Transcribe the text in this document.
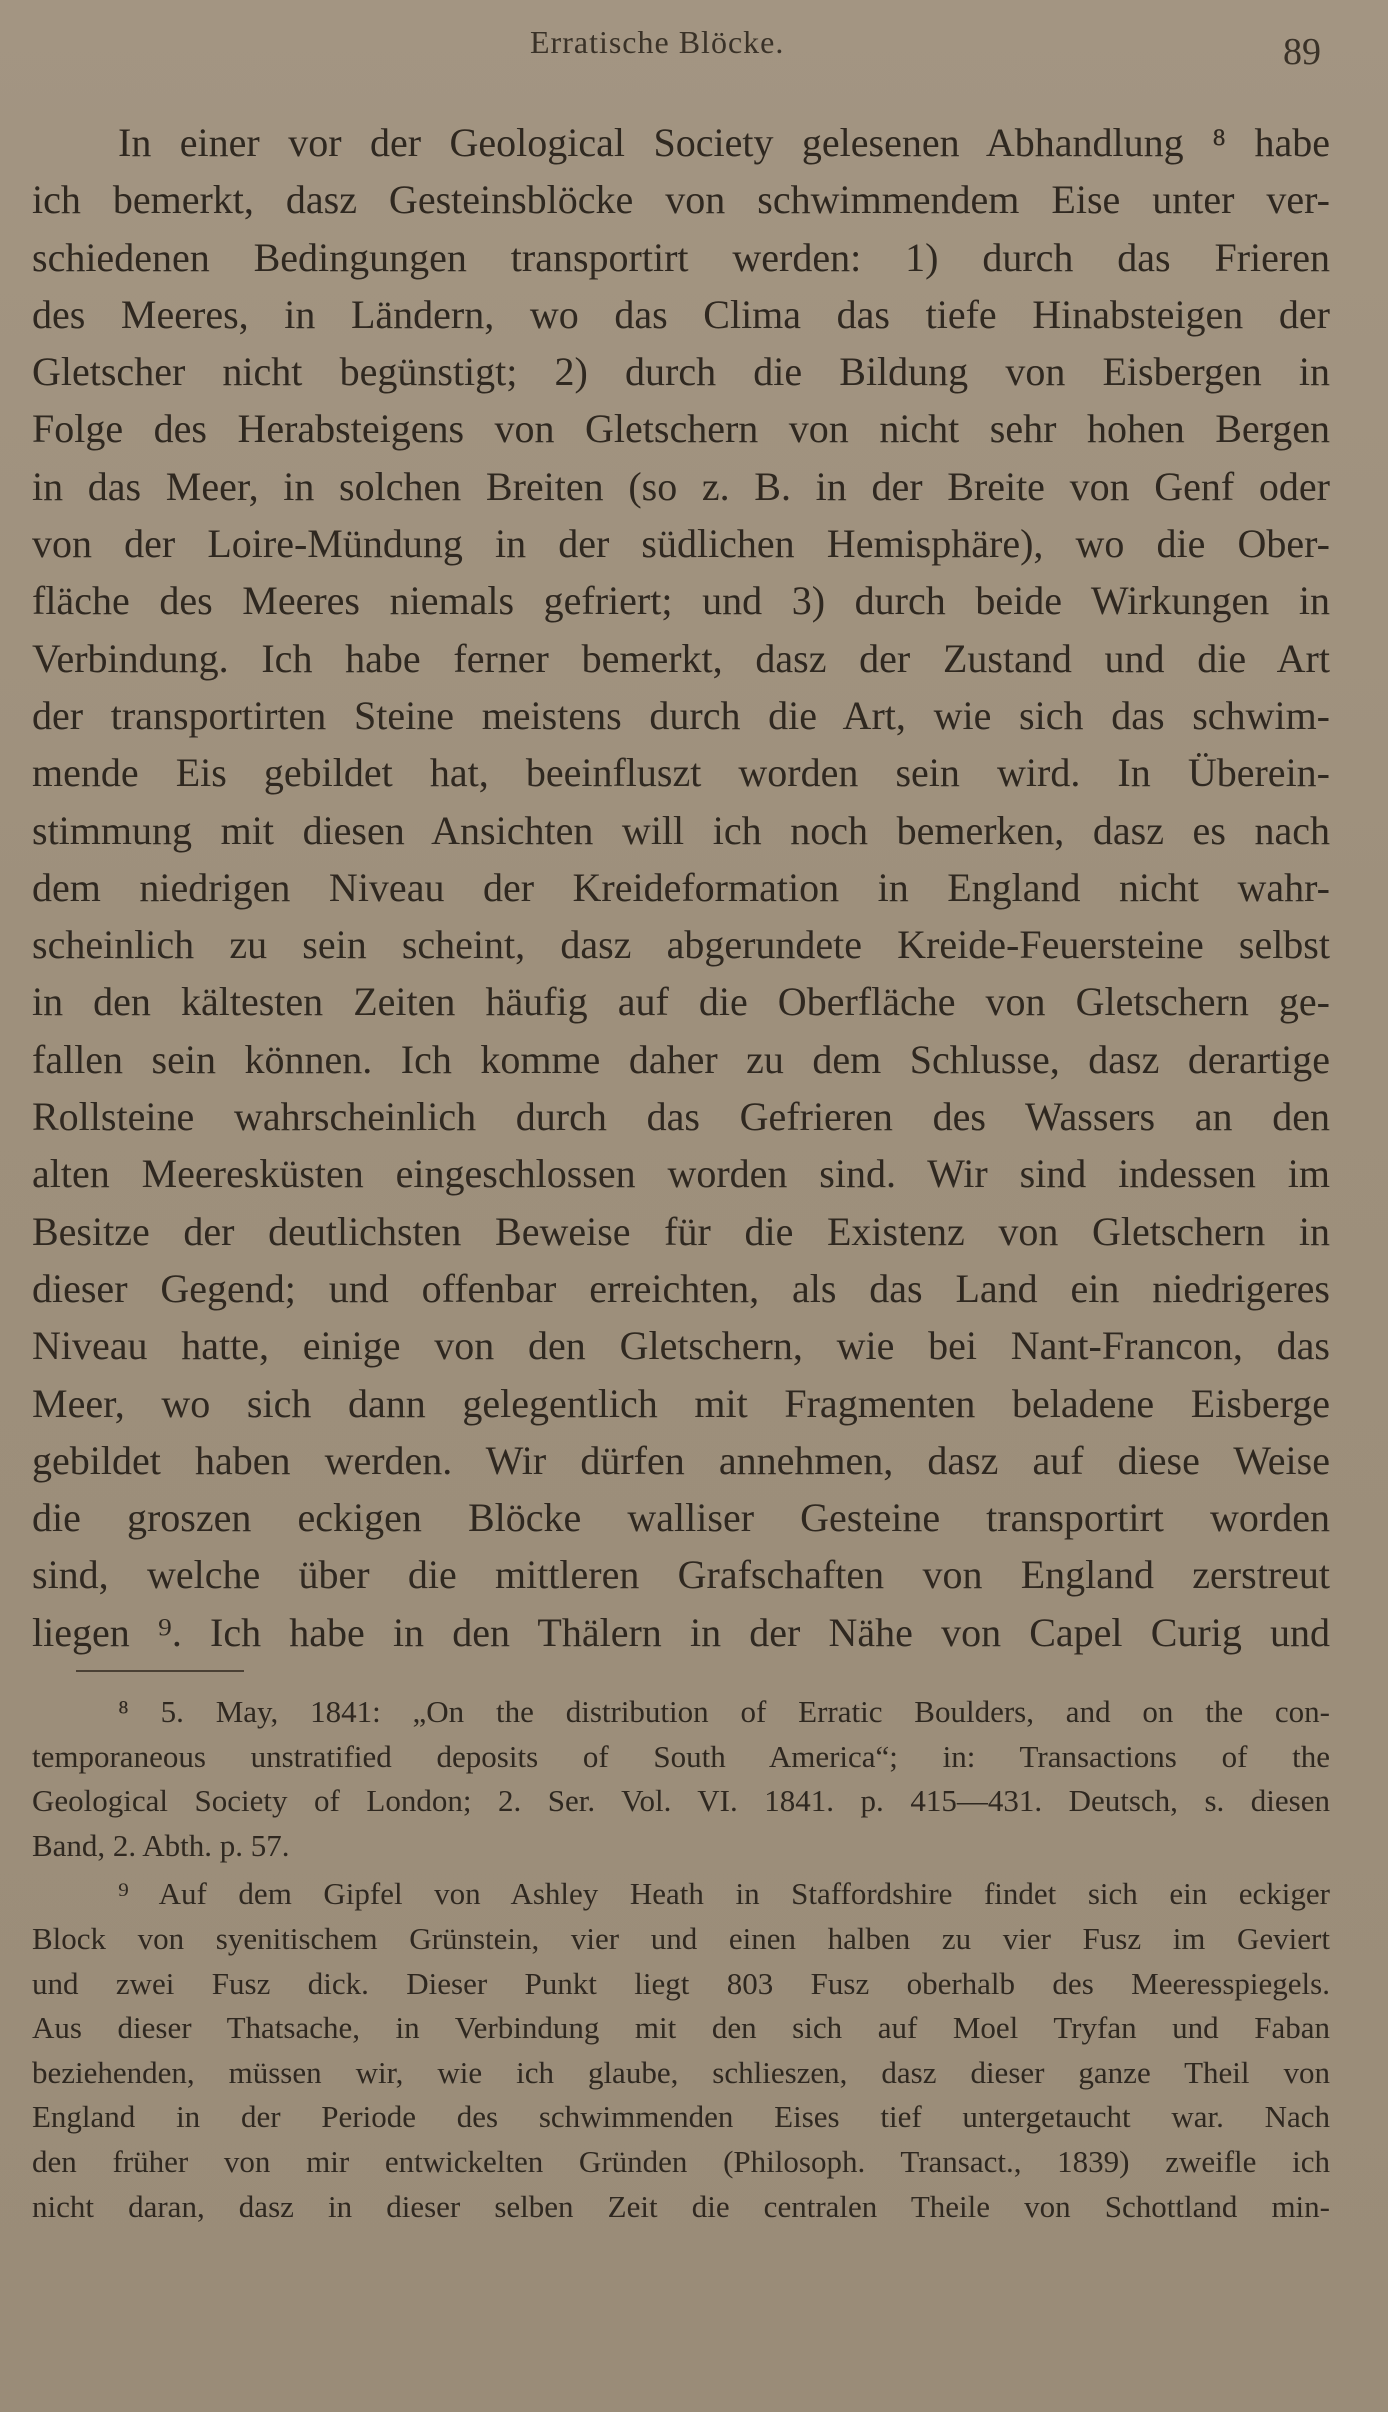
Erratische Blöcke.	89
In einer vor der Geological Society gelesenen Abhandlung ⁸ habe
ich bemerkt, dasz Gesteinsblöcke von schwimmendem Eise unter ver-
schiedenen Bedingungen transportirt werden: 1) durch das Frieren
des Meeres, in Ländern, wo das Clima das tiefe Hinabsteigen der
Gletscher nicht begünstigt; 2) durch die Bildung von Eisbergen in
Folge des Herabsteigens von Gletschern von nicht sehr hohen Bergen
in das Meer, in solchen Breiten (so z. B. in der Breite von Genf oder
von der Loire-Mündung in der südlichen Hemisphäre), wo die Ober-
fläche des Meeres niemals gefriert; und 3) durch beide Wirkungen in
Verbindung. Ich habe ferner bemerkt, dasz der Zustand und die Art
der transportirten Steine meistens durch die Art, wie sich das schwim-
mende Eis gebildet hat, beeinfluszt worden sein wird. In Überein-
stimmung mit diesen Ansichten will ich noch bemerken, dasz es nach
dem niedrigen Niveau der Kreideformation in England nicht wahr-
scheinlich zu sein scheint, dasz abgerundete Kreide-Feuersteine selbst
in den kältesten Zeiten häufig auf die Oberfläche von Gletschern ge-
fallen sein können. Ich komme daher zu dem Schlusse, dasz derartige
Rollsteine wahrscheinlich durch das Gefrieren des Wassers an den
alten Meeresküsten eingeschlossen worden sind. Wir sind indessen im
Besitze der deutlichsten Beweise für die Existenz von Gletschern in
dieser Gegend; und offenbar erreichten, als das Land ein niedrigeres
Niveau hatte, einige von den Gletschern, wie bei Nant-Francon, das
Meer, wo sich dann gelegentlich mit Fragmenten beladene Eisberge
gebildet haben werden. Wir dürfen annehmen, dasz auf diese Weise
die groszen eckigen Blöcke walliser Gesteine transportirt worden
sind, welche über die mittleren Grafschaften von England zerstreut
liegen ⁹. Ich habe in den Thälern in der Nähe von Capel Curig und
⁸ 5. May, 1841: „On the distribution of Erratic Boulders, and on the con-
temporaneous unstratified deposits of South America“; in: Transactions of the
Geological Society of London; 2. Ser. Vol. VI. 1841. p. 415—431. Deutsch, s. diesen
Band, 2. Abth. p. 57.
⁹ Auf dem Gipfel von Ashley Heath in Staffordshire findet sich ein eckiger
Block von syenitischem Grünstein, vier und einen halben zu vier Fusz im Geviert
und zwei Fusz dick. Dieser Punkt liegt 803 Fusz oberhalb des Meeresspiegels.
Aus dieser Thatsache, in Verbindung mit den sich auf Moel Tryfan und Faban
beziehenden, müssen wir, wie ich glaube, schlieszen, dasz dieser ganze Theil von
England in der Periode des schwimmenden Eises tief untergetaucht war. Nach
den früher von mir entwickelten Gründen (Philosoph. Transact., 1839) zweifle ich
nicht daran, dasz in dieser selben Zeit die centralen Theile von Schottland min-
